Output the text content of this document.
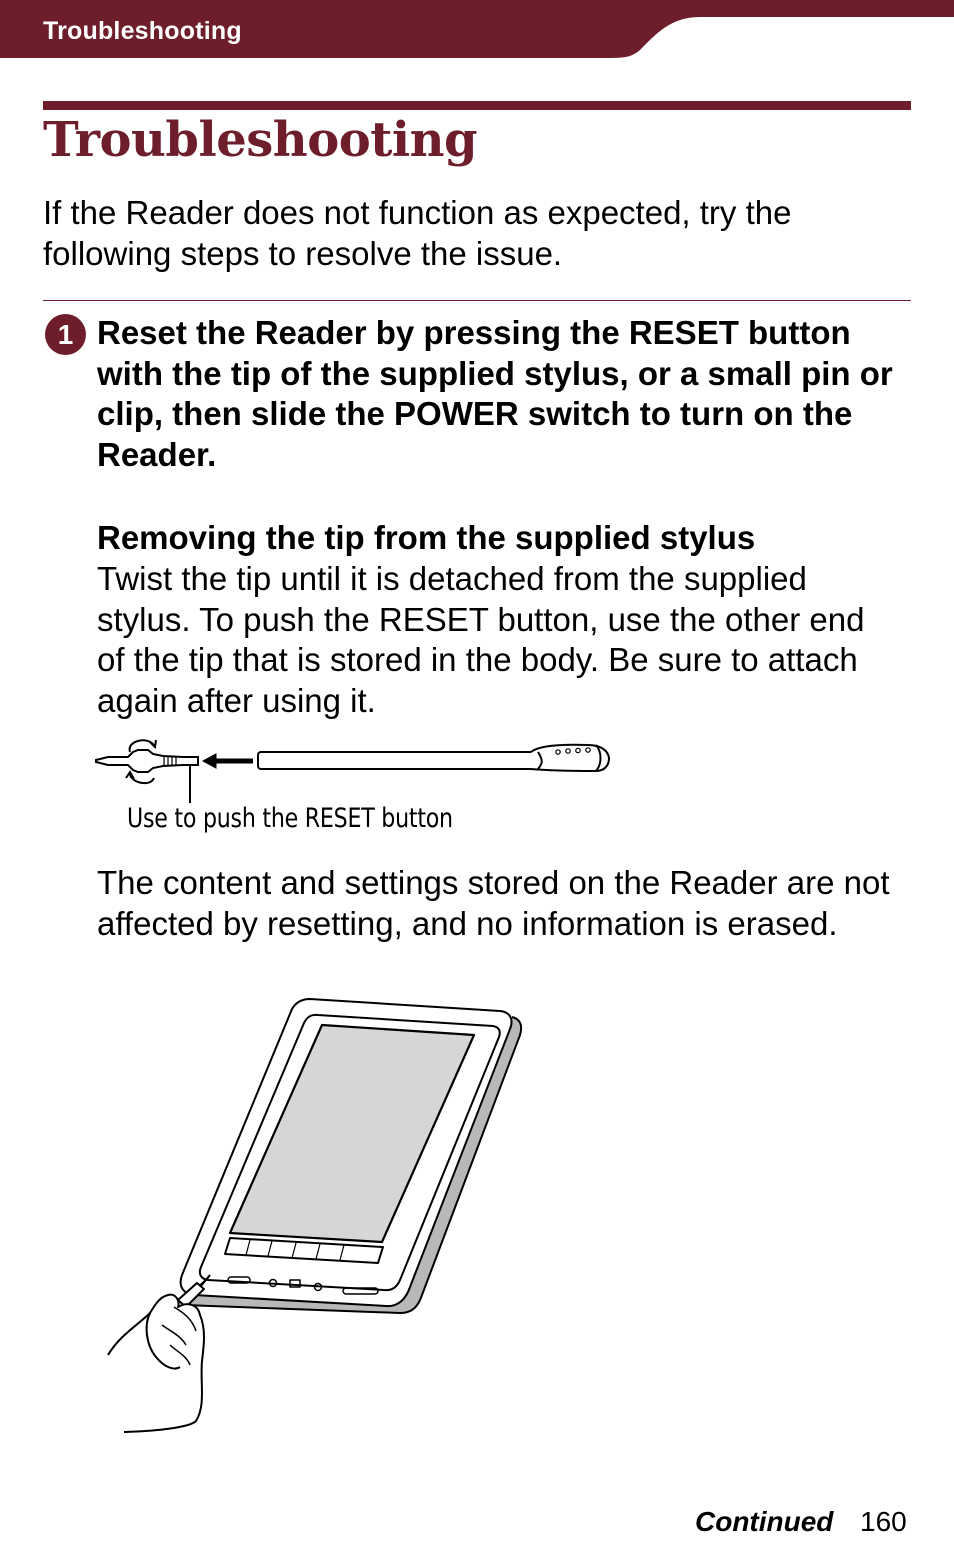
Troubleshooting
Troubleshooting

If the Reader does not function as expected, try the following steps to resolve the issue.

1 Reset the Reader by pressing the RESET button with the tip of the supplied stylus, or a small pin or clip, then slide the POWER switch to turn on the Reader.

Removing the tip from the supplied stylus

Twist the tip until it is detached from the supplied stylus. To push the RESET button, use the other end of the tip that is stored in the body. Be sure to attach again after using it.

Use to push the RESET button

The content and settings stored on the Reader are not affected by resetting, and no information is erased.

Continued 160
